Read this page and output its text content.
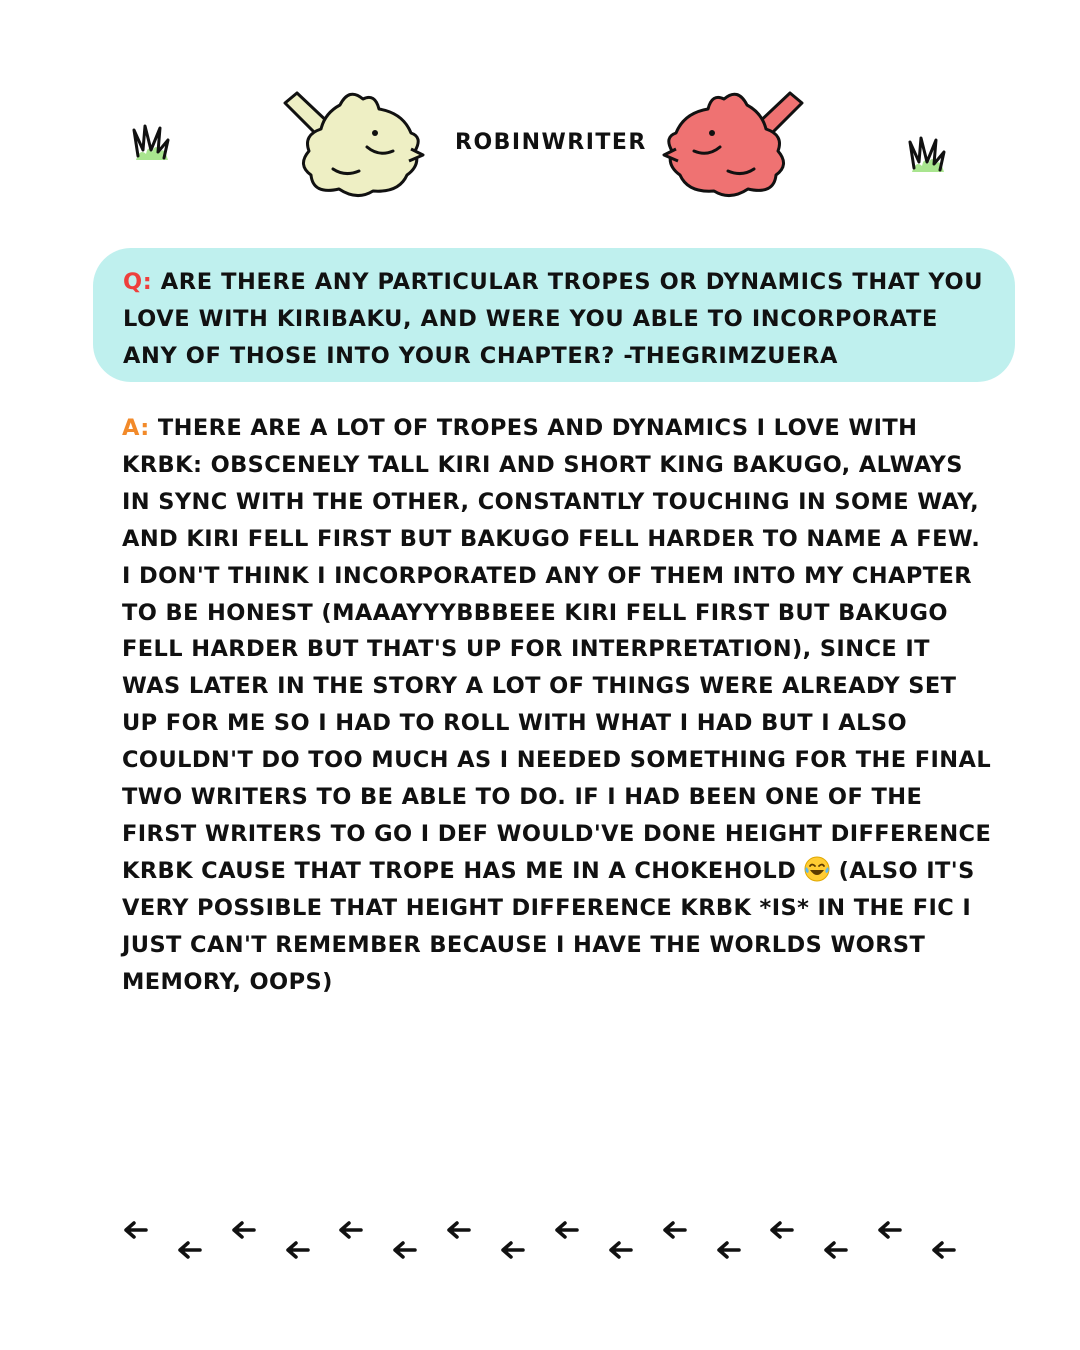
ROBINWRITER

Q: ARE THERE ANY PARTICULAR TROPES OR DYNAMICS THAT YOU LOVE WITH KIRIBAKU, AND WERE YOU ABLE TO INCORPORATE ANY OF THOSE INTO YOUR CHAPTER? -THEGRIMZUERA

A: THERE ARE A LOT OF TROPES AND DYNAMICS I LOVE WITH KRBK: OBSCENELY TALL KIRI AND SHORT KING BAKUGO, ALWAYS IN SYNC WITH THE OTHER, CONSTANTLY TOUCHING IN SOME WAY, AND KIRI FELL FIRST BUT BAKUGO FELL HARDER TO NAME A FEW. I DON'T THINK I INCORPORATED ANY OF THEM INTO MY CHAPTER TO BE HONEST (MAAAYYYBBBEEE KIRI FELL FIRST BUT BAKUGO FELL HARDER BUT THAT'S UP FOR INTERPRETATION), SINCE IT WAS LATER IN THE STORY A LOT OF THINGS WERE ALREADY SET UP FOR ME SO I HAD TO ROLL WITH WHAT I HAD BUT I ALSO COULDN'T DO TOO MUCH AS I NEEDED SOMETHING FOR THE FINAL TWO WRITERS TO BE ABLE TO DO. IF I HAD BEEN ONE OF THE FIRST WRITERS TO GO I DEF WOULD'VE DONE HEIGHT DIFFERENCE KRBK CAUSE THAT TROPE HAS ME IN A CHOKEHOLD  (ALSO IT'S VERY POSSIBLE THAT HEIGHT DIFFERENCE KRBK *IS* IN THE FIC I JUST CAN'T REMEMBER BECAUSE I HAVE THE WORLDS WORST MEMORY, OOPS)
